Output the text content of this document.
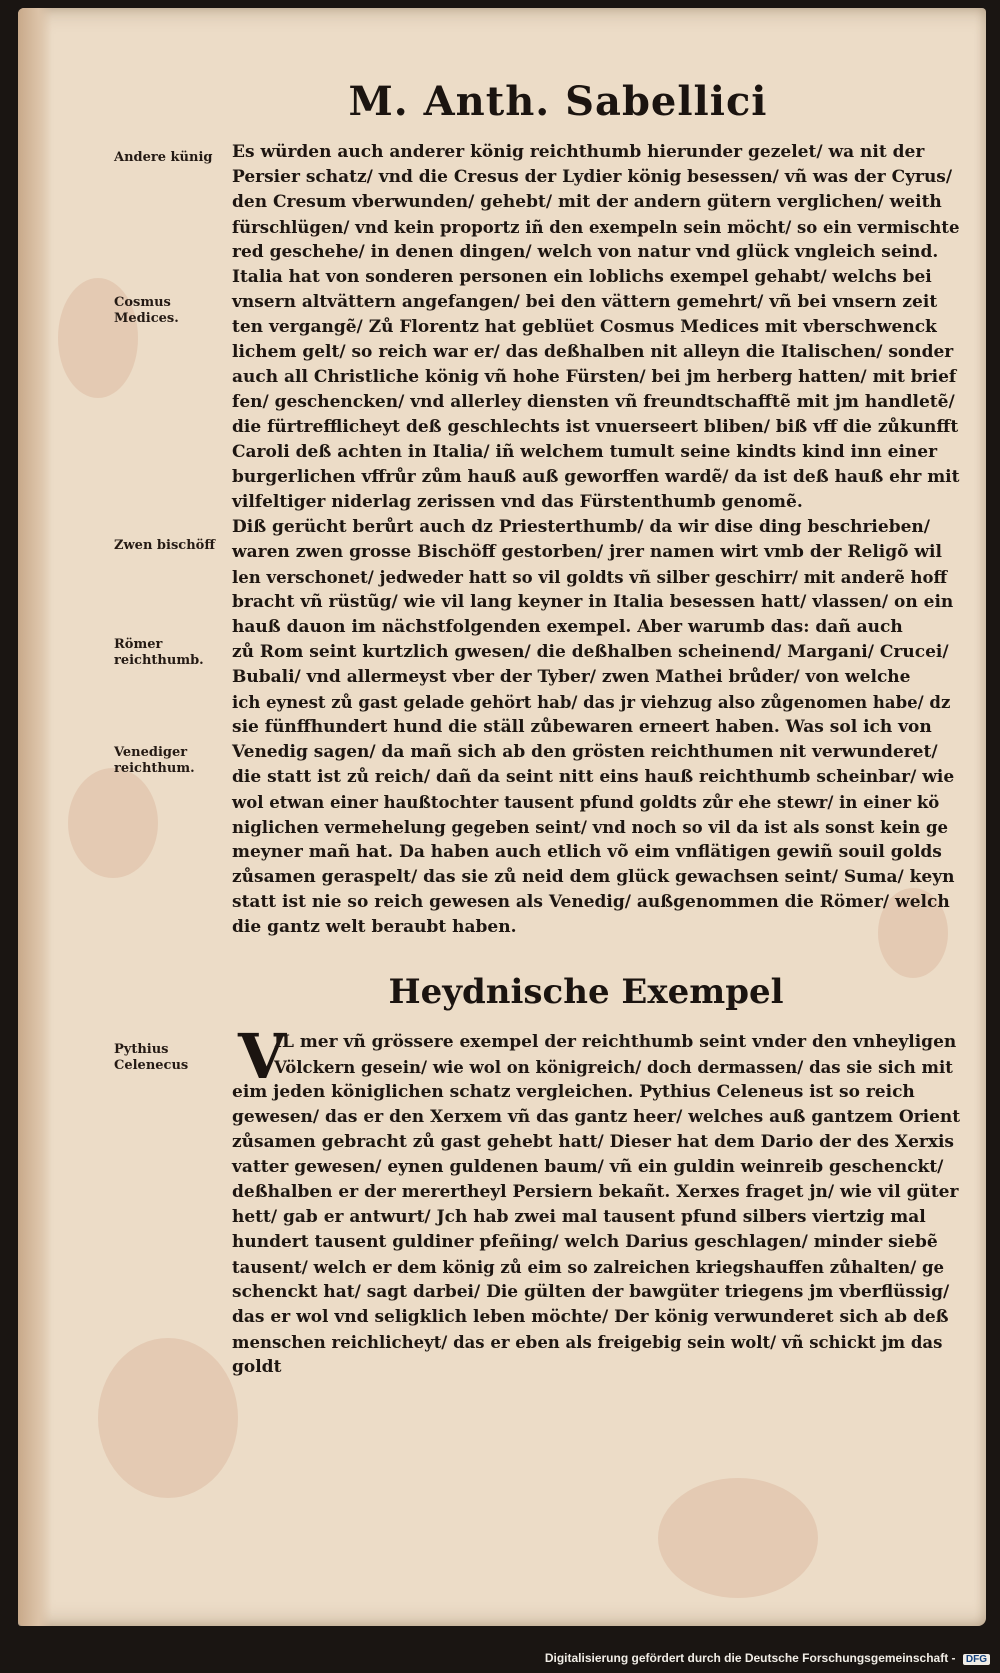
M. Anth. Sabellici
Andere künig
Cosmus Medices.
Zwen bischöff
Römer reichthumb.
Venediger reichthum.
Pythius Celenecus
Es würden auch anderer könig reichthumb hierunder gezelet/ wa nit der
Persier schatz/ vnd die Cresus der Lydier könig besessen/ vñ was der Cyrus/
den Cresum vberwunden/ gehebt/ mit der andern gütern verglichen/ weith
fürschlügen/ vnd kein proportz iñ den exempeln sein möcht/ so ein vermischte
red geschehe/ in denen dingen/ welch von natur vnd glück vngleich seind.
Italia hat von sonderen personen ein loblichs exempel gehabt/ welchs bei
vnsern altvättern angefangen/ bei den vättern gemehrt/ vñ bei vnsern zeit
ten vergangẽ/ Zů Florentz hat geblüet Cosmus Medices mit vberschwenck
lichem gelt/ so reich war er/ das deßhalben nit alleyn die Italischen/ sonder
auch all Christliche könig vñ hohe Fürsten/ bei jm herberg hatten/ mit brief
fen/ geschencken/ vnd allerley diensten vñ freundtschafftẽ mit jm handletẽ/
die fürtrefflicheyt deß geschlechts ist vnuerseert bliben/ biß vff die zůkunfft
Caroli deß achten in Italia/ iñ welchem tumult seine kindts kind inn einer
burgerlichen vffrůr zům hauß auß geworffen wardẽ/ da ist deß hauß ehr mit
vilfeltiger niderlag zerissen vnd das Fürstenthumb genomẽ.
Diß gerücht berůrt auch dz Priesterthumb/ da wir dise ding beschrieben/
waren zwen grosse Bischöff gestorben/ jrer namen wirt vmb der Religõ wil
len verschonet/ jedweder hatt so vil goldts vñ silber geschirr/ mit anderẽ hoff
bracht vñ rüstũg/ wie vil lang keyner in Italia besessen hatt/ vlassen/ on ein
hauß dauon im nächstfolgenden exempel. Aber warumb das: dañ auch
zů Rom seint kurtzlich gwesen/ die deßhalben scheinend/ Margani/ Crucei/
Bubali/ vnd allermeyst vber der Tyber/ zwen Mathei brůder/ von welche
ich eynest zů gast gelade gehört hab/ das jr viehzug also zůgenomen habe/ dz
sie fünffhundert hund die ställ zůbewaren erneert haben. Was sol ich von
Venedig sagen/ da mañ sich ab den grösten reichthumen nit verwunderet/
die statt ist zů reich/ dañ da seint nitt eins hauß reichthumb scheinbar/ wie
wol etwan einer haußtochter tausent pfund goldts zůr ehe stewr/ in einer kö
niglichen vermehelung gegeben seint/ vnd noch so vil da ist als sonst kein ge
meyner mañ hat. Da haben auch etlich võ eim vnflätigen gewiñ souil golds
zůsamen geraspelt/ das sie zů neid dem glück gewachsen seint/ Suma/ keyn
statt ist nie so reich gewesen als Venedig/ außgenommen die Römer/ welch
die gantz welt beraubt haben.
Heydnische Exempel
V
IL mer vñ grössere exempel der reichthumb seint vnder den vnheyligen
Völckern gesein/ wie wol on königreich/ doch dermassen/ das sie sich mit
eim jeden königlichen schatz vergleichen. Pythius Celeneus ist so reich
gewesen/ das er den Xerxem vñ das gantz heer/ welches auß gantzem Orient
zůsamen gebracht zů gast gehebt hatt/ Dieser hat dem Dario der des Xerxis
vatter gewesen/ eynen guldenen baum/ vñ ein guldin weinreib geschenckt/
deßhalben er der merertheyl Persiern bekañt. Xerxes fraget jn/ wie vil güter
hett/ gab er antwurt/ Jch hab zwei mal tausent pfund silbers viertzig mal
hundert tausent guldiner pfeñing/ welch Darius geschlagen/ minder siebẽ
tausent/ welch er dem könig zů eim so zalreichen kriegshauffen zůhalten/ ge
schenckt hat/ sagt darbei/ Die gülten der bawgüter triegens jm vberflüssig/
das er wol vnd seligklich leben möchte/ Der könig verwunderet sich ab deß
menschen reichlicheyt/ das er eben als freigebig sein wolt/ vñ schickt jm das
goldt
Digitalisierung gefördert durch die Deutsche Forschungsgemeinschaft - DFG
